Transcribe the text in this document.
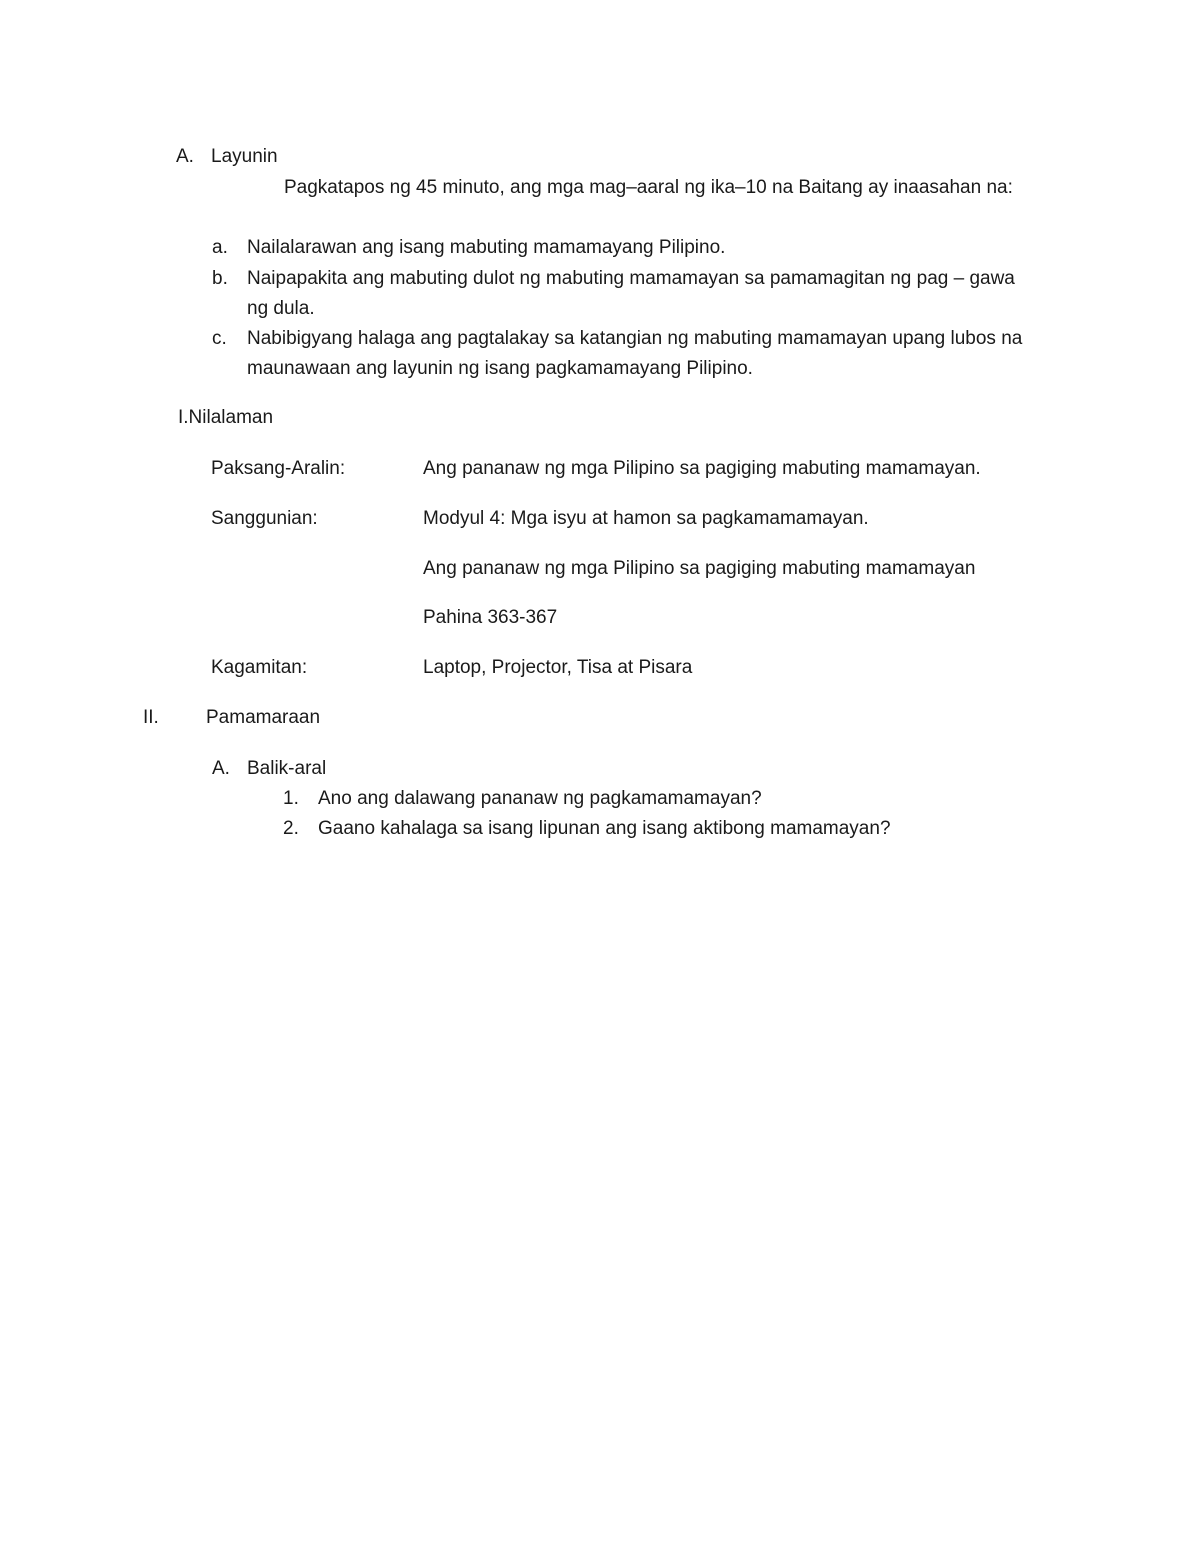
A. Layunin
Pagkatapos ng 45 minuto, ang mga mag–aaral ng ika–10 na Baitang ay inaasahan na:
a. Nailalarawan ang isang mabuting mamamayang Pilipino.
b. Naipapakita ang mabuting dulot ng mabuting mamamayan sa pamamagitan ng pag – gawa
ng dula.
c. Nabibigyang halaga ang pagtalakay sa katangian ng mabuting mamamayan upang lubos na
maunawaan ang layunin ng isang pagkamamayang Pilipino.
I.Nilalaman
Paksang-Aralin:	Ang pananaw ng mga Pilipino sa pagiging mabuting mamamayan.
Sanggunian:	Modyul 4: Mga isyu at hamon sa pagkamamamayan.
Ang pananaw ng mga Pilipino sa pagiging mabuting mamamayan
Pahina 363-367
Kagamitan:	Laptop, Projector, Tisa at Pisara
II. Pamamaraan
A. Balik-aral
1. Ano ang dalawang pananaw ng pagkamamamayan?
2. Gaano kahalaga sa isang lipunan ang isang aktibong mamamayan?
